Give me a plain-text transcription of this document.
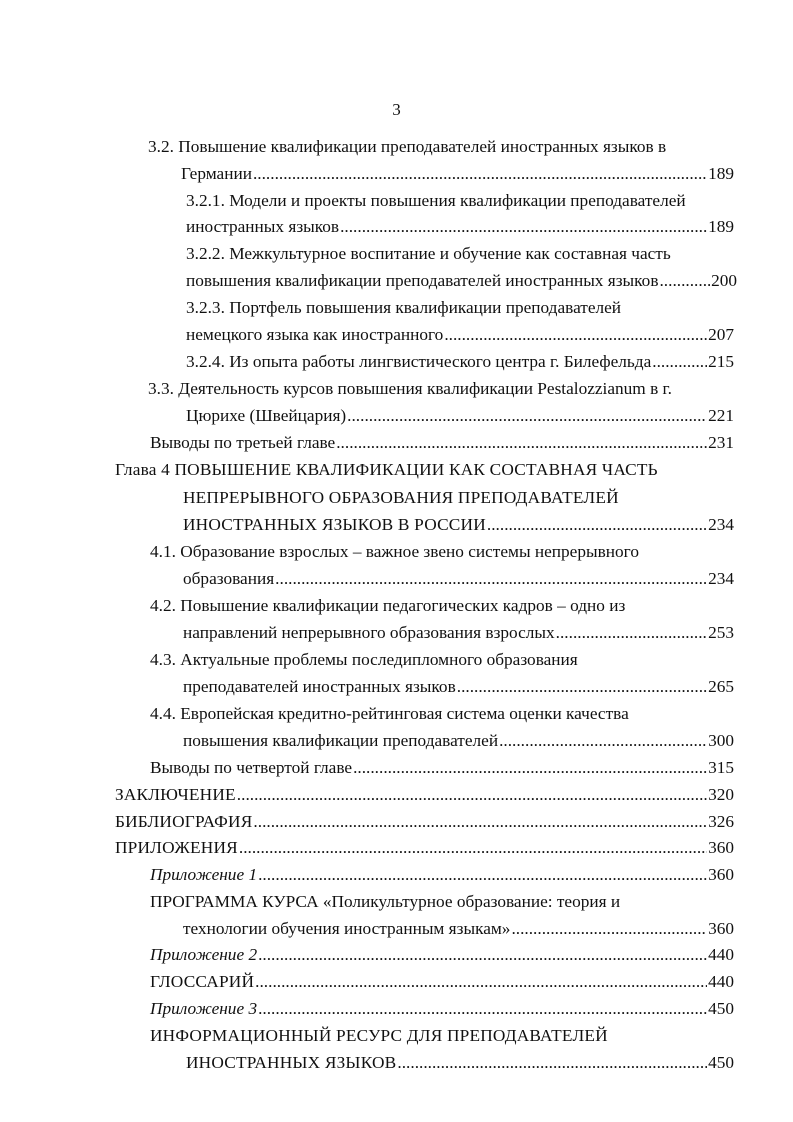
3
3.2. Повышение квалификации преподавателей иностранных языков в
Германии .....	189
3.2.1. Модели и проекты повышения квалификации преподавателей
иностранных языков .....	189
3.2.2. Межкультурное воспитание и обучение как составная часть
повышения квалификации преподавателей иностранных языков .....	200
3.2.3. Портфель повышения квалификации преподавателей
немецкого языка как иностранного .....	207
3.2.4. Из опыта работы лингвистического центра г. Билефельда .....	215
3.3. Деятельность курсов повышения квалификации Pestalozzianum в г.
Цюрихе (Швейцария) .....	221
Выводы по третьей главе .....	231
Глава 4 ПОВЫШЕНИЕ КВАЛИФИКАЦИИ КАК СОСТАВНАЯ ЧАСТЬ
НЕПРЕРЫВНОГО ОБРАЗОВАНИЯ ПРЕПОДАВАТЕЛЕЙ
ИНОСТРАННЫХ ЯЗЫКОВ В РОССИИ .....	234
4.1. Образование взрослых – важное звено системы непрерывного
образования .....	234
4.2. Повышение квалификации педагогических кадров – одно из
направлений непрерывного образования взрослых .....	253
4.3. Актуальные проблемы последипломного образования
преподавателей иностранных языков .....	265
4.4. Европейская кредитно-рейтинговая система оценки качества
повышения квалификации преподавателей .....	300
Выводы по четвертой главе .....	315
ЗАКЛЮЧЕНИЕ .....	320
БИБЛИОГРАФИЯ .....	326
ПРИЛОЖЕНИЯ .....	360
Приложение 1 .....	360
ПРОГРАММА КУРСА «Поликультурное образование: теория и
технологии обучения иностранным языкам» .....	360
Приложение 2 .....	440
ГЛОССАРИЙ .....	440
Приложение 3 .....	450
ИНФОРМАЦИОННЫЙ РЕСУРС ДЛЯ ПРЕПОДАВАТЕЛЕЙ
ИНОСТРАННЫХ ЯЗЫКОВ .....	450
